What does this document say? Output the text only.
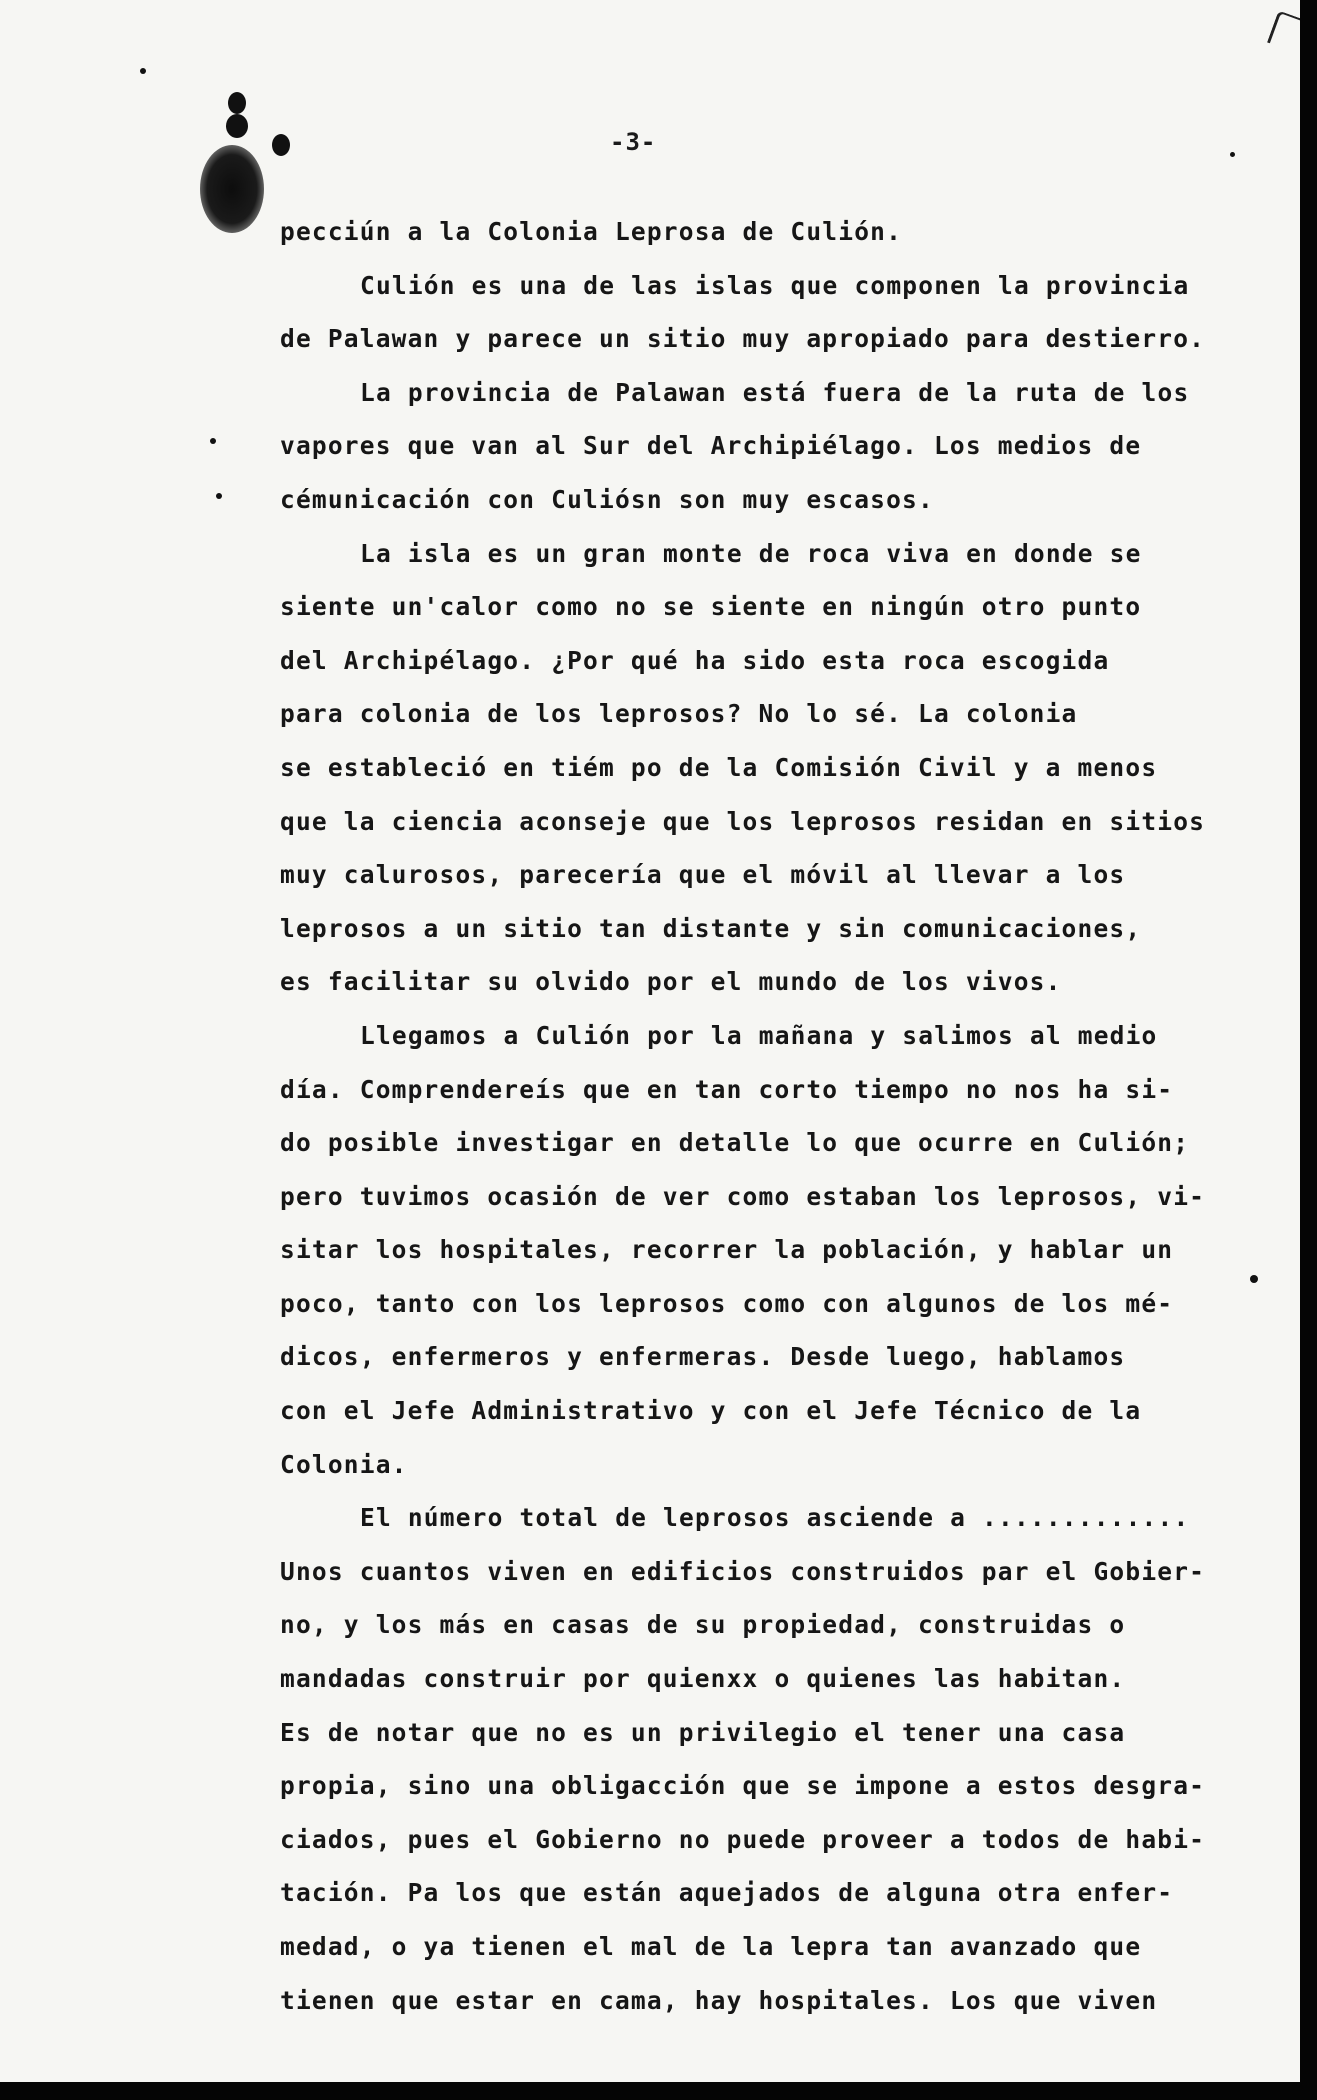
-3-
pecciún a la Colonia Leprosa de Culión.
Culión es una de las islas que componen la provincia
de Palawan y parece un sitio muy apropiado para destierro.
La provincia de Palawan está fuera de la ruta de los
vapores que van al Sur del Archipiélago. Los medios de
cémunicación con Culiósn son muy escasos.
La isla es un gran monte de roca viva en donde se
siente un'calor como no se siente en ningún otro punto
del Archipélago. ¿Por qué ha sido esta roca escogida
para colonia de los leprosos? No lo sé. La colonia
se estableció en tiém po de la Comisión Civil y a menos
que la ciencia aconseje que los leprosos residan en sitios
muy calurosos, parecería que el móvil al llevar a los
leprosos a un sitio tan distante y sin comunicaciones,
es facilitar su olvido por el mundo de los vivos.
Llegamos a Culión por la mañana y salimos al medio
día. Comprendereís que en tan corto tiempo no nos ha si-
do posible investigar en detalle lo que ocurre en Culión;
pero tuvimos ocasión de ver como estaban los leprosos, vi-
sitar los hospitales, recorrer la población, y hablar un
poco, tanto con los leprosos como con algunos de los mé-
dicos, enfermeros y enfermeras. Desde luego, hablamos
con el Jefe Administrativo y con el Jefe Técnico de la
Colonia.
El número total de leprosos asciende a .............
Unos cuantos viven en edificios construidos par el Gobier-
no, y los más en casas de su propiedad, construidas o
mandadas construir por quienxx o quienes las habitan.
Es de notar que no es un privilegio el tener una casa
propia, sino una obligacción que se impone a estos desgra-
ciados, pues el Gobierno no puede proveer a todos de habi-
tación. Pa los que están aquejados de alguna otra enfer-
medad, o ya tienen el mal de la lepra tan avanzado que
tienen que estar en cama, hay hospitales. Los que viven
